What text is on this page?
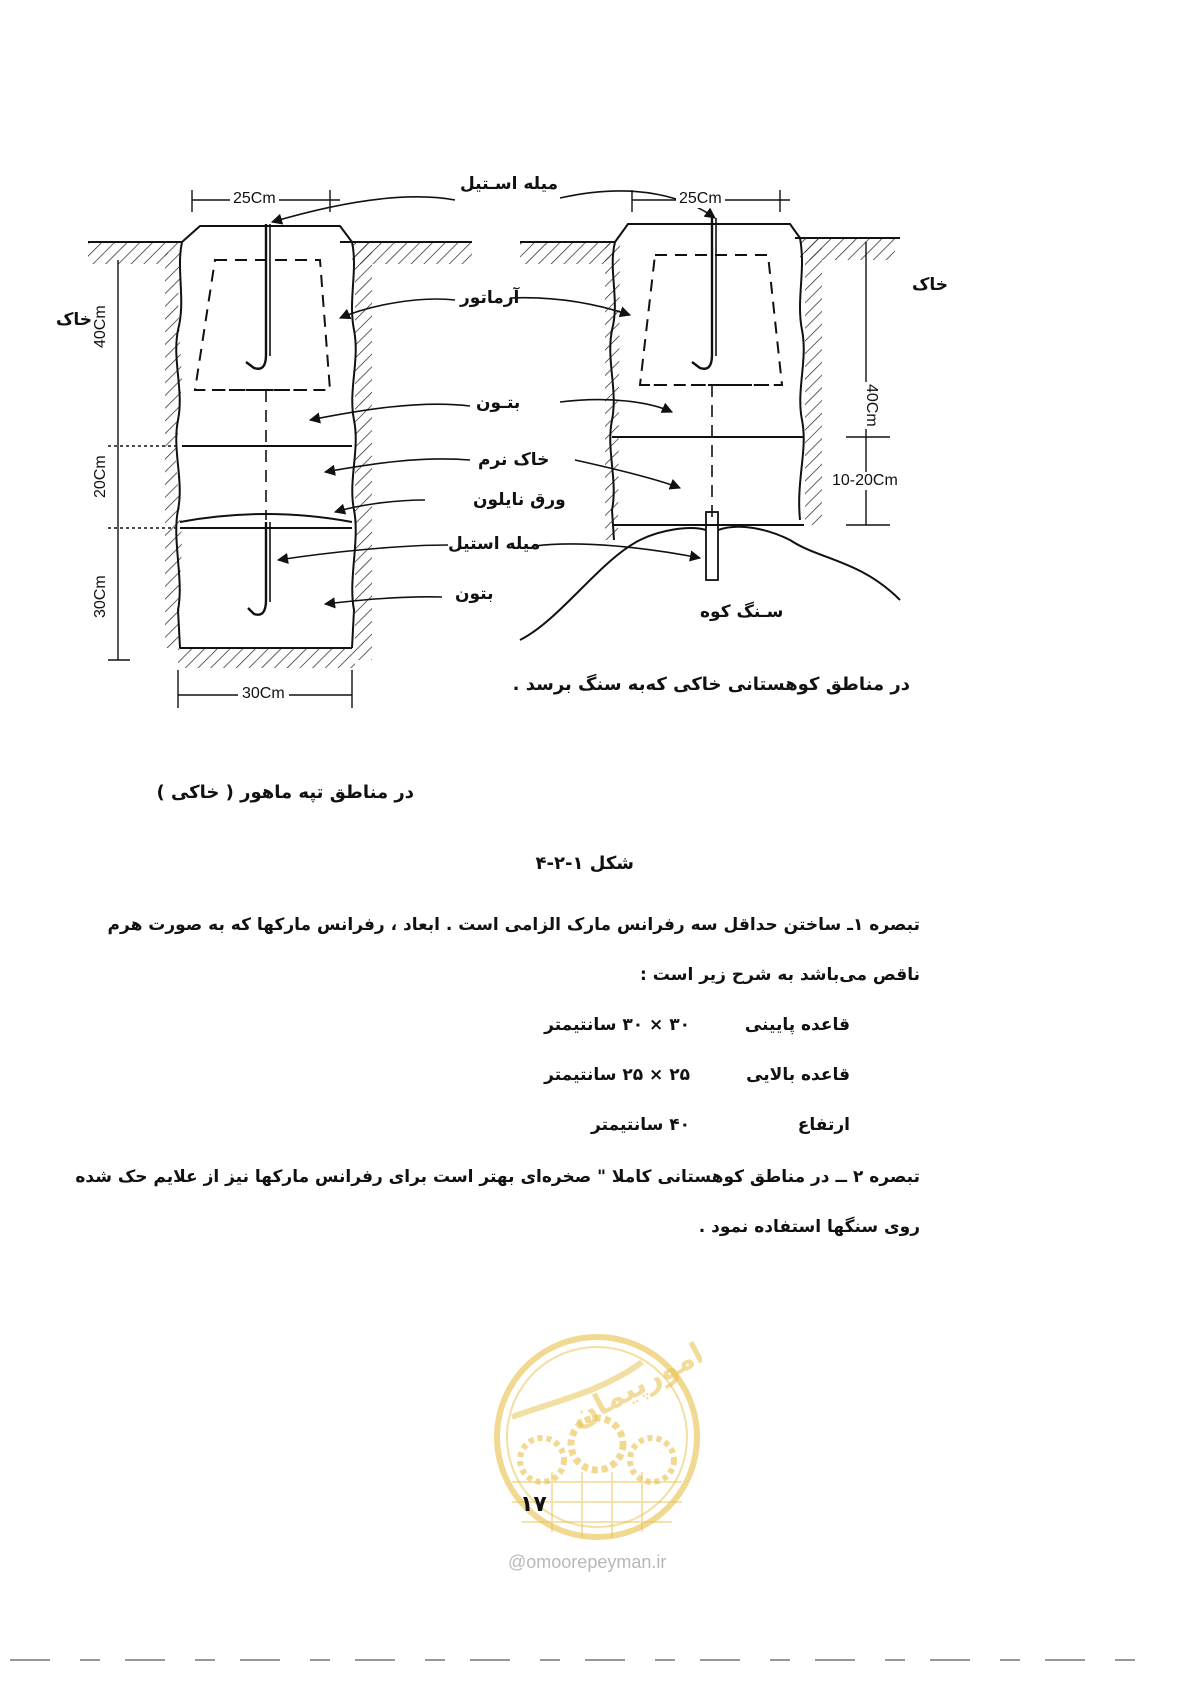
میله اسـتیل
خاک
خاک
آرماتور
بتـون
خاک نرم
ورق نایلون
میله استیل
بتون
سـنگ کوه
25Cm	25Cm
40Cm
20Cm
30Cm
30Cm
40Cm
10-20Cm
در مناطق کوهستانی خاکی که‌به سنگ برسد .
در مناطق تپه ماهور ( خاکی )
شکل ۱-۲-۴
تبصره ۱ـ ساختن حداقل سه رفرانس مارک الزامی است . ابعاد ، رفرانس مارکها که به صورت هرم ناقص می‌باشد به شرح زیر است :
قاعده پایینی
۳۰ × ۳۰ سانتیمتر
قاعده بالایی
۲۵ × ۲۵ سانتیمتر
ارتفاع
۴۰ سانتیمتر
تبصره ۲ ــ در مناطق کوهستانی کاملا " صخره‌ای بهتر است برای رفرانس مارکها نیز از علایم حک شده روی سنگها استفاده نمود .
امورپیمان
۱۷
@omoorepeyman.ir
